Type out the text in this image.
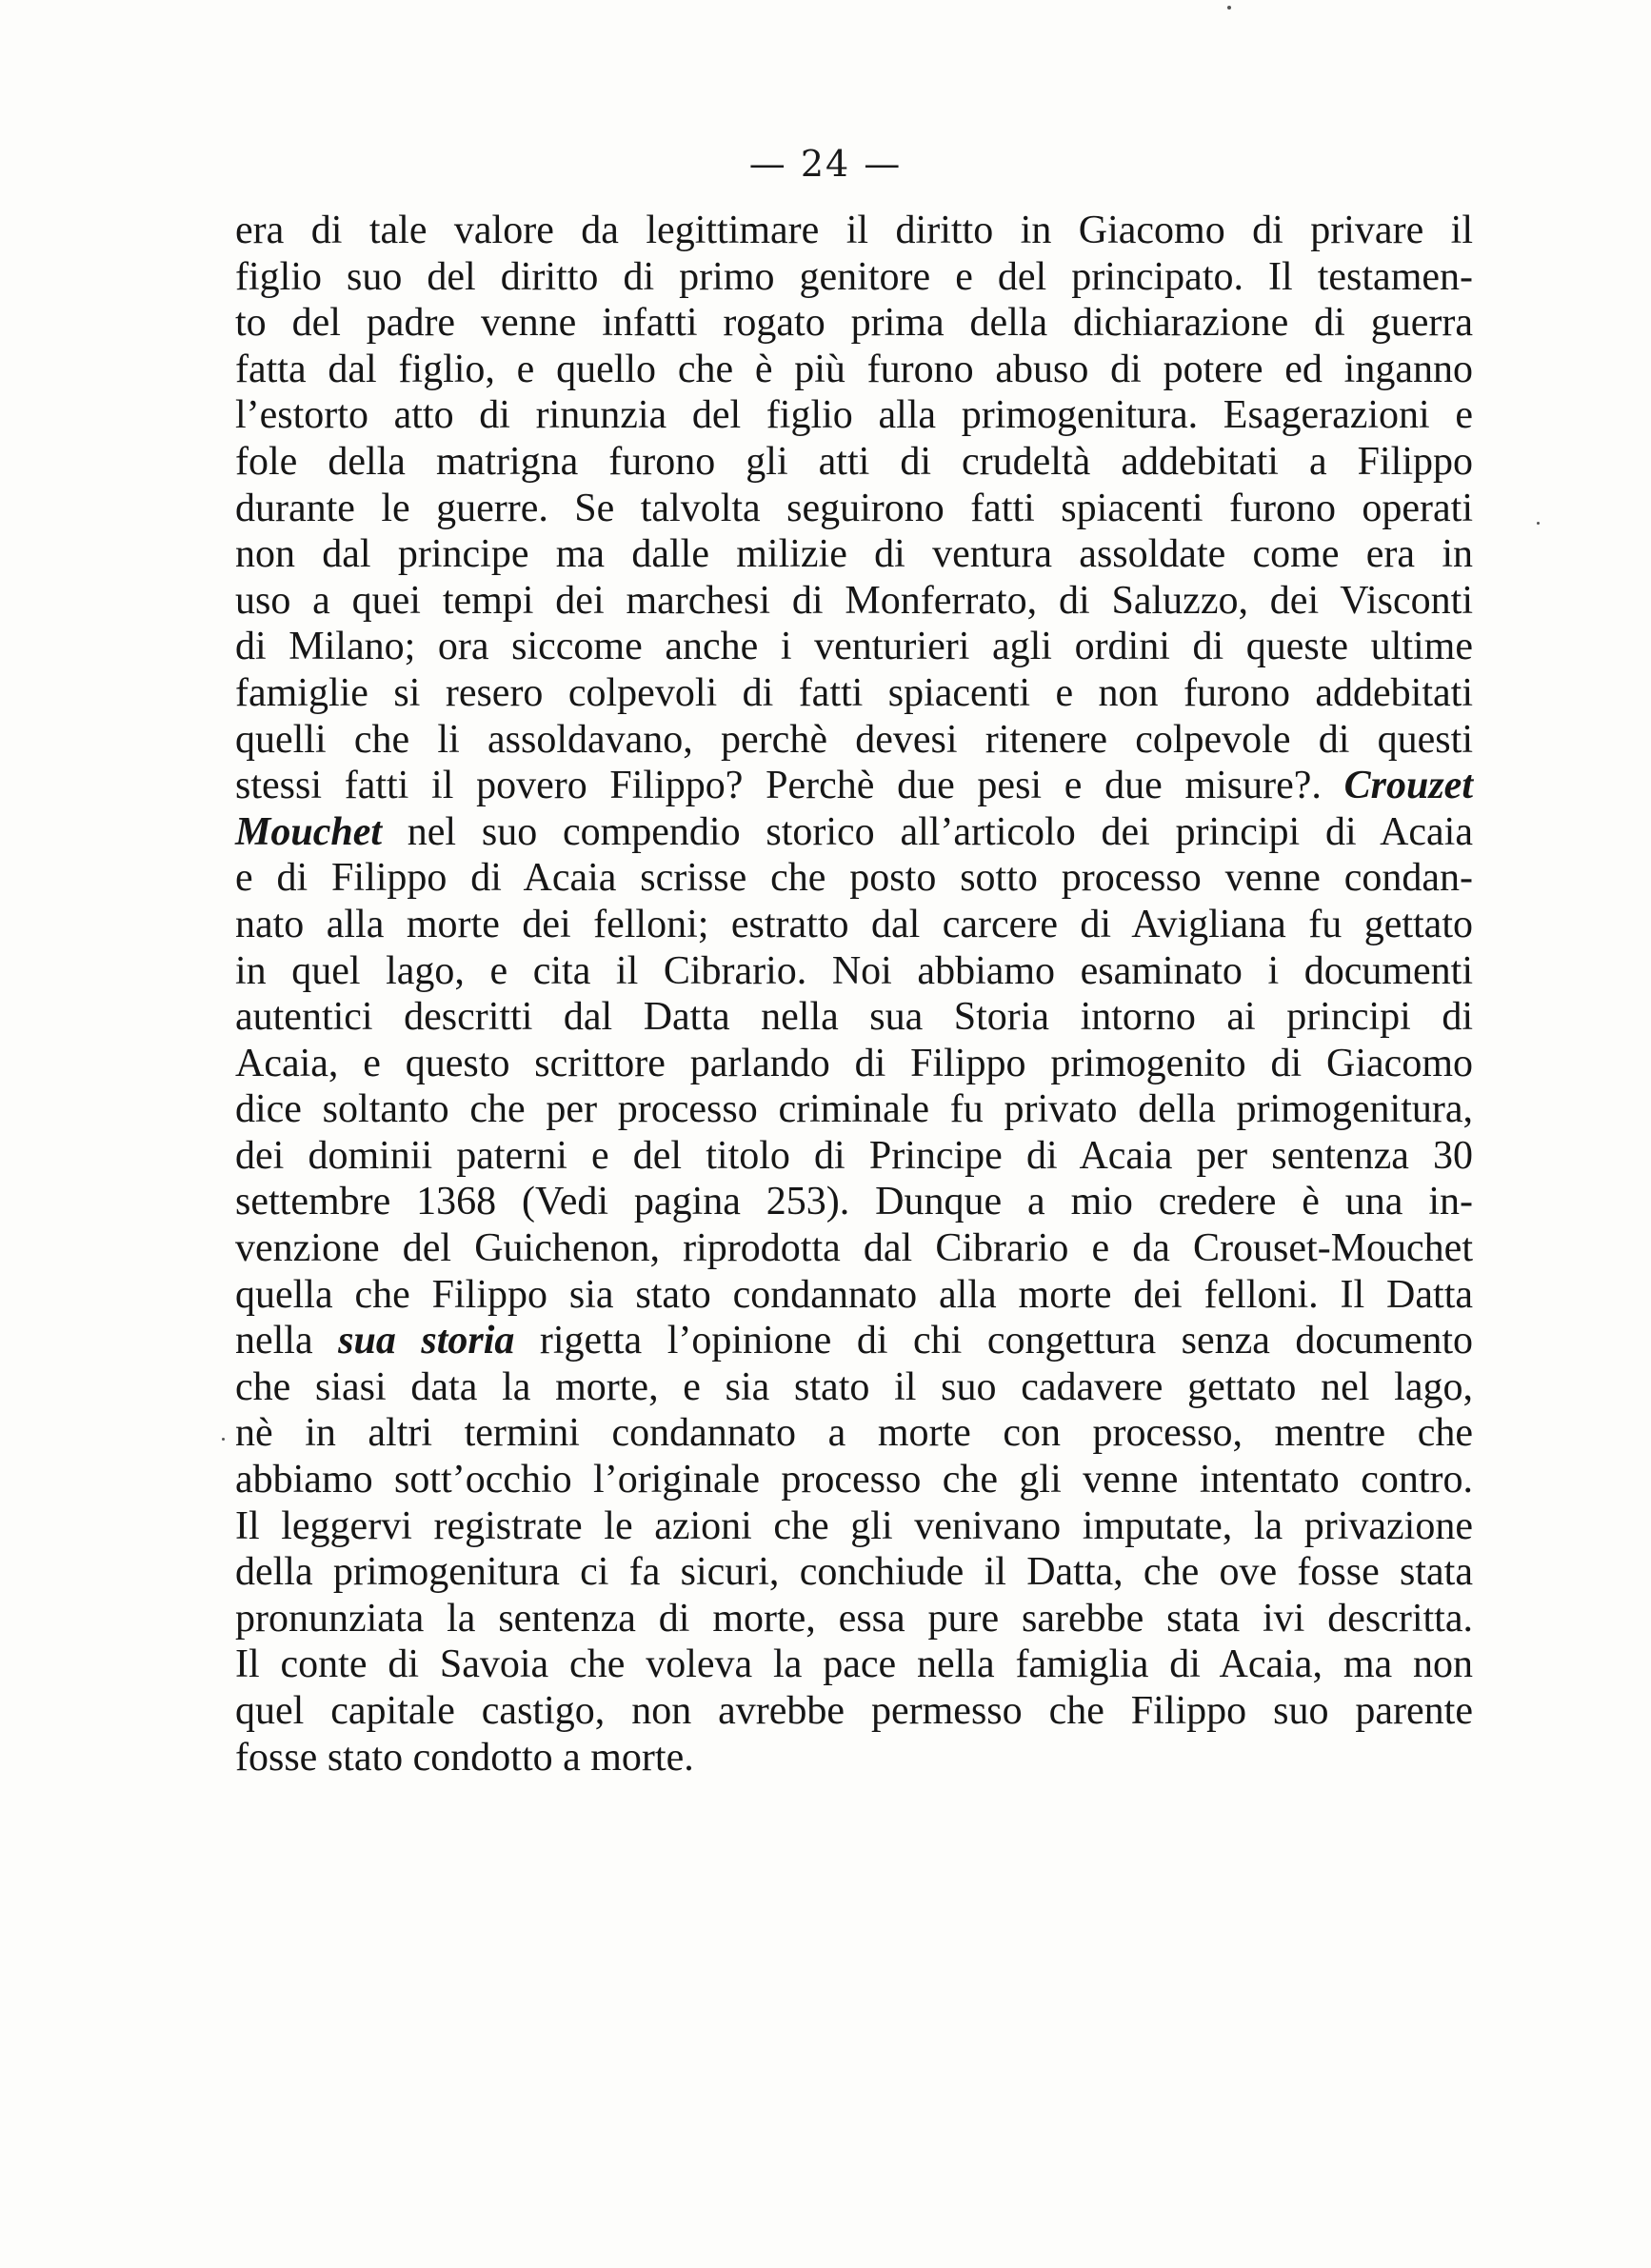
— 24 —
era di tale valore da legittimare il diritto in Giacomo di privare il
figlio suo del diritto di primo genitore e del principato. Il testamen-
to del padre venne infatti rogato prima della dichiarazione di guerra
fatta dal figlio, e quello che è più furono abuso di potere ed inganno
l’estorto atto di rinunzia del figlio alla primogenitura. Esagerazioni e
fole della matrigna furono gli atti di crudeltà addebitati a Filippo
durante le guerre. Se talvolta seguirono fatti spiacenti furono operati
non dal principe ma dalle milizie di ventura assoldate come era in
uso a quei tempi dei marchesi di Monferrato, di Saluzzo, dei Visconti
di Milano; ora siccome anche i venturieri agli ordini di queste ultime
famiglie si resero colpevoli di fatti spiacenti e non furono addebitati
quelli che li assoldavano, perchè devesi ritenere colpevole di questi
stessi fatti il povero Filippo? Perchè due pesi e due misure?. Crouzet
Mouchet nel suo compendio storico all’articolo dei principi di Acaia
e di Filippo di Acaia scrisse che posto sotto processo venne condan-
nato alla morte dei felloni; estratto dal carcere di Avigliana fu gettato
in quel lago, e cita il Cibrario. Noi abbiamo esaminato i documenti
autentici descritti dal Datta nella sua Storia intorno ai principi di
Acaia, e questo scrittore parlando di Filippo primogenito di Giacomo
dice soltanto che per processo criminale fu privato della primogenitura,
dei dominii paterni e del titolo di Principe di Acaia per sentenza 30
settembre 1368 (Vedi pagina 253). Dunque a mio credere è una in-
venzione del Guichenon, riprodotta dal Cibrario e da Crouset-Mouchet
quella che Filippo sia stato condannato alla morte dei felloni. Il Datta
nella sua storia rigetta l’opinione di chi congettura senza documento
che siasi data la morte, e sia stato il suo cadavere gettato nel lago,
nè in altri termini condannato a morte con processo, mentre che
abbiamo sott’occhio l’originale processo che gli venne intentato contro.
Il leggervi registrate le azioni che gli venivano imputate, la privazione
della primogenitura ci fa sicuri, conchiude il Datta, che ove fosse stata
pronunziata la sentenza di morte, essa pure sarebbe stata ivi descritta.
Il conte di Savoia che voleva la pace nella famiglia di Acaia, ma non
quel capitale castigo, non avrebbe permesso che Filippo suo parente
fosse stato condotto a morte.
